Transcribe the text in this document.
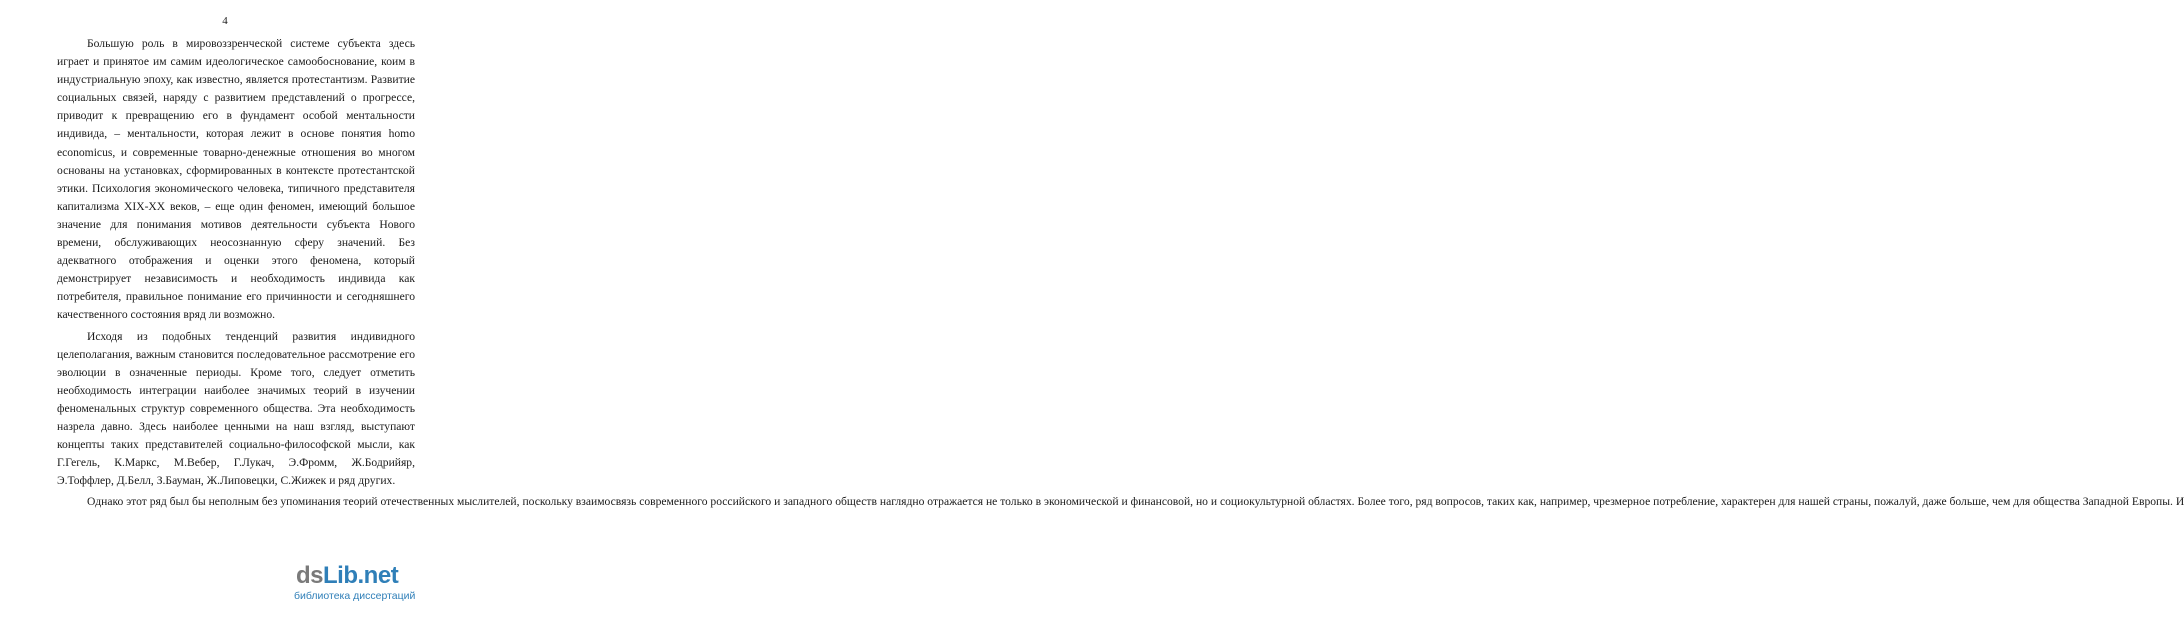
4

Большую роль в мировоззренческой системе субъекта здесь играет и принятое им самим идеологическое самообоснование, коим в индустриальную эпоху, как известно, является протестантизм. Развитие социальных связей, наряду с развитием представлений о прогрессе, приводит к превращению его в фундамент особой ментальности индивида, – ментальности, которая лежит в основе понятия homo economicus, и современные товарно-денежные отношения во многом основаны на установках, сформированных в контексте протестантской этики. Психология экономического человека, типичного представителя капитализма XIX-XX веков, – еще один феномен, имеющий большое значение для понимания мотивов деятельности субъекта Нового времени, обслуживающих неосознанную сферу значений. Без адекватного отображения и оценки этого феномена, который демонстрирует независимость и необходимость индивида как потребителя, правильное понимание его причинности и сегодняшнего качественного состояния вряд ли возможно.

Исходя из подобных тенденций развития индивидного целеполагания, важным становится последовательное рассмотрение его эволюции в означенные периоды. Кроме того, следует отметить необходимость интеграции наиболее значимых теорий в изучении феноменальных структур современного общества. Эта необходимость назрела давно. Здесь наиболее ценными на наш взгляд, выступают концепты таких представителей социально-философской мысли, как Г.Гегель, К.Маркс, М.Вебер, Г.Лукач, Э.Фромм, Ж.Бодрийяр, Э.Тоффлер, Д.Белл, З.Бауман, Ж.Липовецки, С.Жижек и ряд других.

Однако этот ряд был бы неполным без упоминания теорий отечественных мыслителей, поскольку взаимосвязь современного российского и западного обществ наглядно отражается не только в экономической и финансовой, но и социокультурной областях. Более того, ряд вопросов, таких как, например, чрезмерное потребление, характерен для нашей страны, пожалуй, даже больше, чем для общества Западной Европы. И

dsLib.net
библиотека диссертаций
